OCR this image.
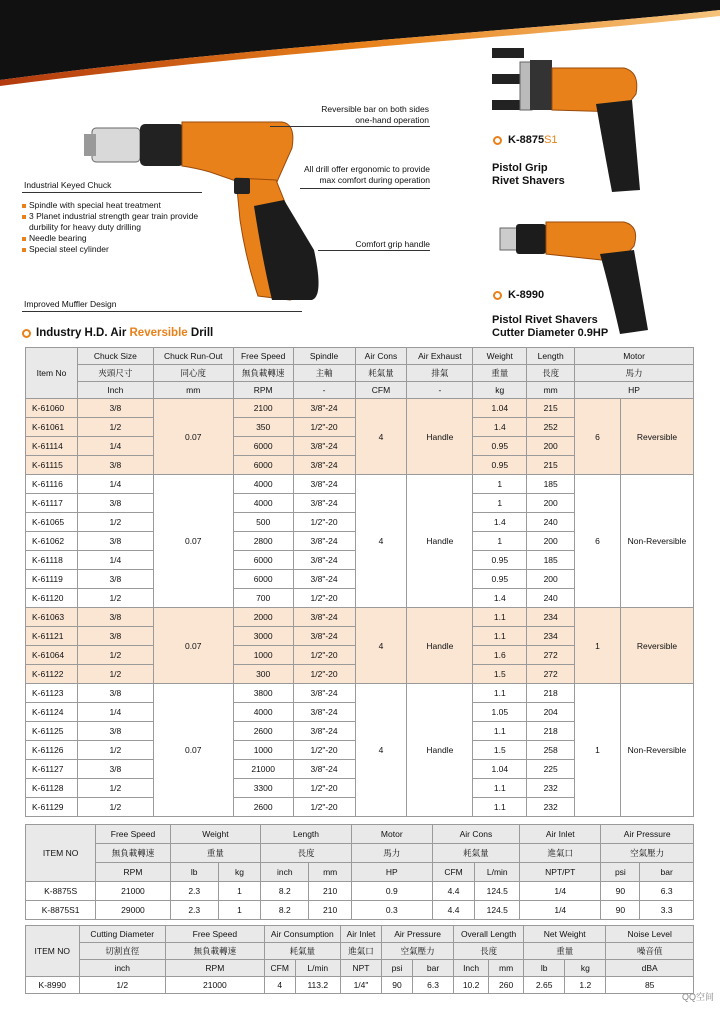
Reversible bar on both sides
one-hand operation
All drill offer ergonomic to provide
max comfort during operation
Comfort grip handle
Industrial Keyed Chuck
Spindle with special heat treatment
3 Planet industrial strength gear train provide durbility for heavy duty drilling
Needle bearing
Special steel cylinder
Improved Muffler Design
K-8875S1
Pistol Grip
Rivet Shavers
K-8990
Pistol Rivet Shavers
Cutter Diameter 0.9HP
Industry H.D. Air Reversible Drill
Item No	Chuck Size	Chuck Run-Out	Free Speed	Spindle	Air Cons	Air Exhaust	Weight	Length	Motor	
	夾頭尺寸	同心度	無負載轉速	主軸	耗氣量	排氣	重量	長度	馬力	
	Inch	mm	RPM	-	CFM	-	kg	mm	HP	
K-61060	3/8	0.07	2100	3/8"-24	4	Handle	1.04	215	6	Reversible
K-61061	1/2		350	1/2"-20			1.4	252		
K-61114	1/4		6000	3/8"-24			0.95	200		
K-61115	3/8		6000	3/8"-24			0.95	215		
K-61116	1/4	0.07	4000	3/8"-24	4	Handle	1	185	6	Non-Reversible
K-61117	3/8		4000	3/8"-24			1	200		
K-61065	1/2		500	1/2"-20			1.4	240		
K-61062	3/8		2800	3/8"-24			1	200		
K-61118	1/4		6000	3/8"-24			0.95	185		
K-61119	3/8		6000	3/8"-24			0.95	200		
K-61120	1/2		700	1/2"-20			1.4	240		
K-61063	3/8	0.07	2000	3/8"-24	4	Handle	1.1	234	1	Reversible
K-61121	3/8		3000	3/8"-24			1.1	234		
K-61064	1/2		1000	1/2"-20			1.6	272		
K-61122	1/2		300	1/2"-20			1.5	272		
K-61123	3/8	0.07	3800	3/8"-24	4	Handle	1.1	218	1	Non-Reversible
K-61124	1/4		4000	3/8"-24			1.05	204		
K-61125	3/8		2600	3/8"-24			1.1	218		
K-61126	1/2		1000	1/2"-20			1.5	258		
K-61127	3/8		21000	3/8"-24			1.04	225		
K-61128	1/2		3300	1/2"-20			1.1	232		
K-61129	1/2		2600	1/2"-20			1.1	232		
ITEM NO	Free Speed	Weight		Length		Motor	Air Cons		Air Inlet	Air Pressure	
	無負載轉速	重量		長度		馬力	耗氣量		進氣口	空氣壓力	
	RPM	lb	kg	inch	mm	HP	CFM	L/min	NPT/PT	psi	bar
K-8875S	21000	2.3	1	8.2	210	0.9	4.4	124.5	1/4	90	6.3
K-8875S1	29000	2.3	1	8.2	210	0.3	4.4	124.5	1/4	90	3.3
ITEM NO	Cutting Diameter	Free Speed	Air Consumption		Air Inlet	Air Pressure		Overall Length		Net Weight		Noise Level
	切割直徑	無負載轉速	耗氣量		進氣口	空氣壓力		長度		重量		噪音值
	inch	RPM	CFM	L/min	NPT	psi	bar	Inch	mm	lb	kg	dBA
K-8990	1/2	21000	4	113.2	1/4"	90	6.3	10.2	260	2.65	1.2	85
QQ空间
